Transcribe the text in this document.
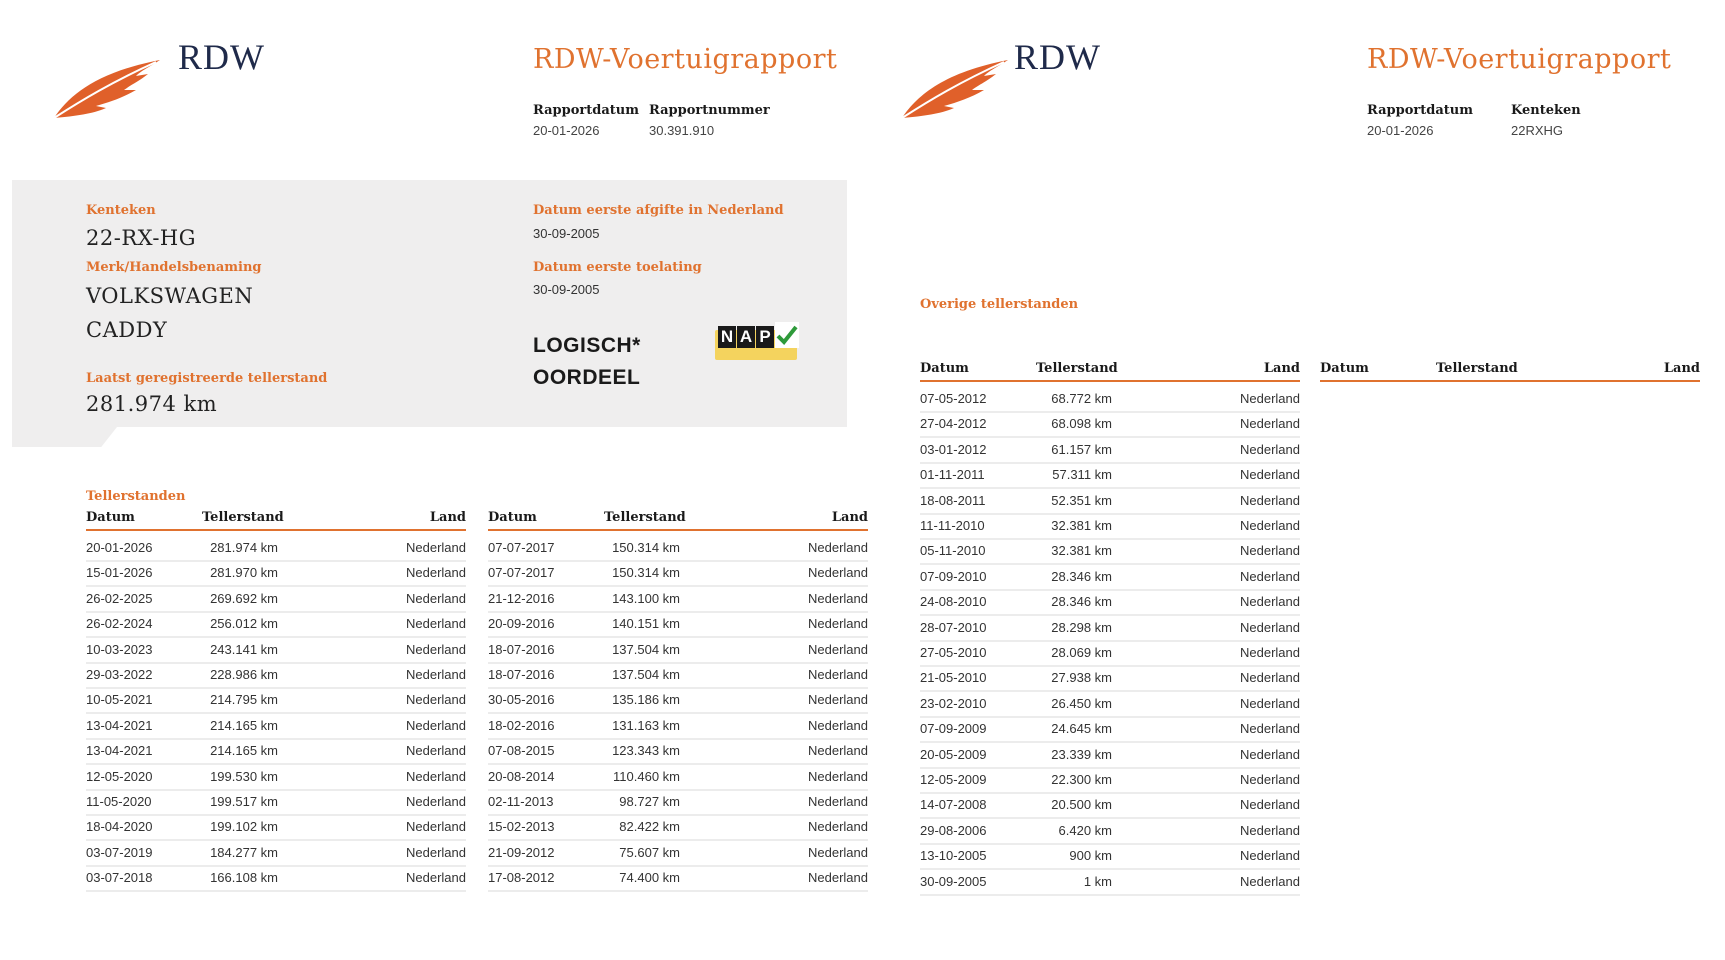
RDW	RDW-Voertuigrapport
Rapportdatum
20-01-2026
Rapportnummer
30.391.910
Kenteken
22-RX-HG
Merk/Handelsbenaming
VOLKSWAGEN
CADDY
Laatst geregistreerde tellerstand
281.974 km
Datum eerste afgifte in Nederland
30-09-2005
Datum eerste toelating
30-09-2005
LOGISCH*
OORDEEL
N A P
Tellerstanden
Datum	Tellerstand	Land
20-01-2026	281.974 km	Nederland
15-01-2026	281.970 km	Nederland
26-02-2025	269.692 km	Nederland
26-02-2024	256.012 km	Nederland
10-03-2023	243.141 km	Nederland
29-03-2022	228.986 km	Nederland
10-05-2021	214.795 km	Nederland
13-04-2021	214.165 km	Nederland
13-04-2021	214.165 km	Nederland
12-05-2020	199.530 km	Nederland
11-05-2020	199.517 km	Nederland
18-04-2020	199.102 km	Nederland
03-07-2019	184.277 km	Nederland
03-07-2018	166.108 km	Nederland
Datum	Tellerstand	Land
07-07-2017	150.314 km	Nederland
07-07-2017	150.314 km	Nederland
21-12-2016	143.100 km	Nederland
20-09-2016	140.151 km	Nederland
18-07-2016	137.504 km	Nederland
18-07-2016	137.504 km	Nederland
30-05-2016	135.186 km	Nederland
18-02-2016	131.163 km	Nederland
07-08-2015	123.343 km	Nederland
20-08-2014	110.460 km	Nederland
02-11-2013	98.727 km	Nederland
15-02-2013	82.422 km	Nederland
21-09-2012	75.607 km	Nederland
17-08-2012	74.400 km	Nederland
RDW	RDW-Voertuigrapport
Rapportdatum
20-01-2026
Kenteken
22RXHG
Overige tellerstanden
Datum	Tellerstand	Land
07-05-2012	68.772 km	Nederland
27-04-2012	68.098 km	Nederland
03-01-2012	61.157 km	Nederland
01-11-2011	57.311 km	Nederland
18-08-2011	52.351 km	Nederland
11-11-2010	32.381 km	Nederland
05-11-2010	32.381 km	Nederland
07-09-2010	28.346 km	Nederland
24-08-2010	28.346 km	Nederland
28-07-2010	28.298 km	Nederland
27-05-2010	28.069 km	Nederland
21-05-2010	27.938 km	Nederland
23-02-2010	26.450 km	Nederland
07-09-2009	24.645 km	Nederland
20-05-2009	23.339 km	Nederland
12-05-2009	22.300 km	Nederland
14-07-2008	20.500 km	Nederland
29-08-2006	6.420 km	Nederland
13-10-2005	900 km	Nederland
30-09-2005	1 km	Nederland
Datum	Tellerstand	Land
